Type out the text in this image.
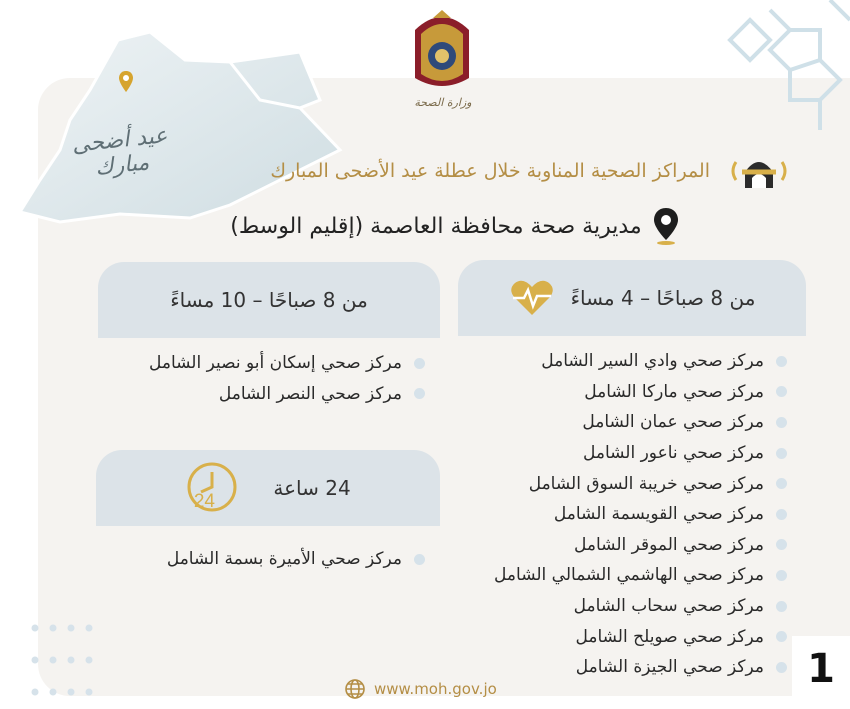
عيد أضحى مبارك
وزارة الصحة
المراكز الصحية المناوبة خلال عطلة عيد الأضحى المبارك
مديرية صحة محافظة العاصمة (إقليم الوسط)
من 8 صباحًا – 4 مساءً
مركز صحي وادي السير الشامل
مركز صحي ماركا الشامل
مركز صحي عمان الشامل
مركز صحي ناعور الشامل
مركز صحي خريبة السوق الشامل
مركز صحي القويسمة الشامل
مركز صحي الموقر الشامل
مركز صحي الهاشمي الشمالي الشامل
مركز صحي سحاب الشامل
مركز صحي صويلح الشامل
مركز صحي الجيزة الشامل
من 8 صباحًا – 10 مساءً
مركز صحي إسكان أبو نصير الشامل
مركز صحي النصر الشامل
24
24 ساعة
مركز صحي الأميرة بسمة الشامل
www.moh.gov.jo	1
